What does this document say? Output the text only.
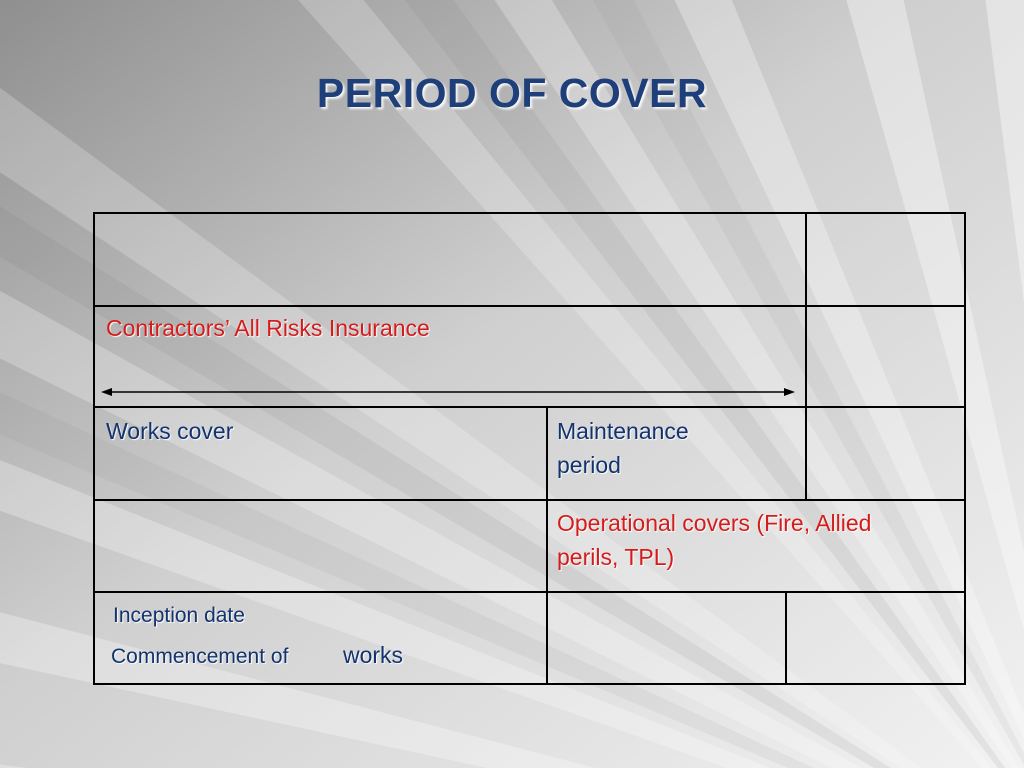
PERIOD OF COVER
Contractors’ All Risks Insurance
Works cover	Maintenance
period
Operational covers (Fire, Allied
perils, TPL)
Inception date
Commencement of works
